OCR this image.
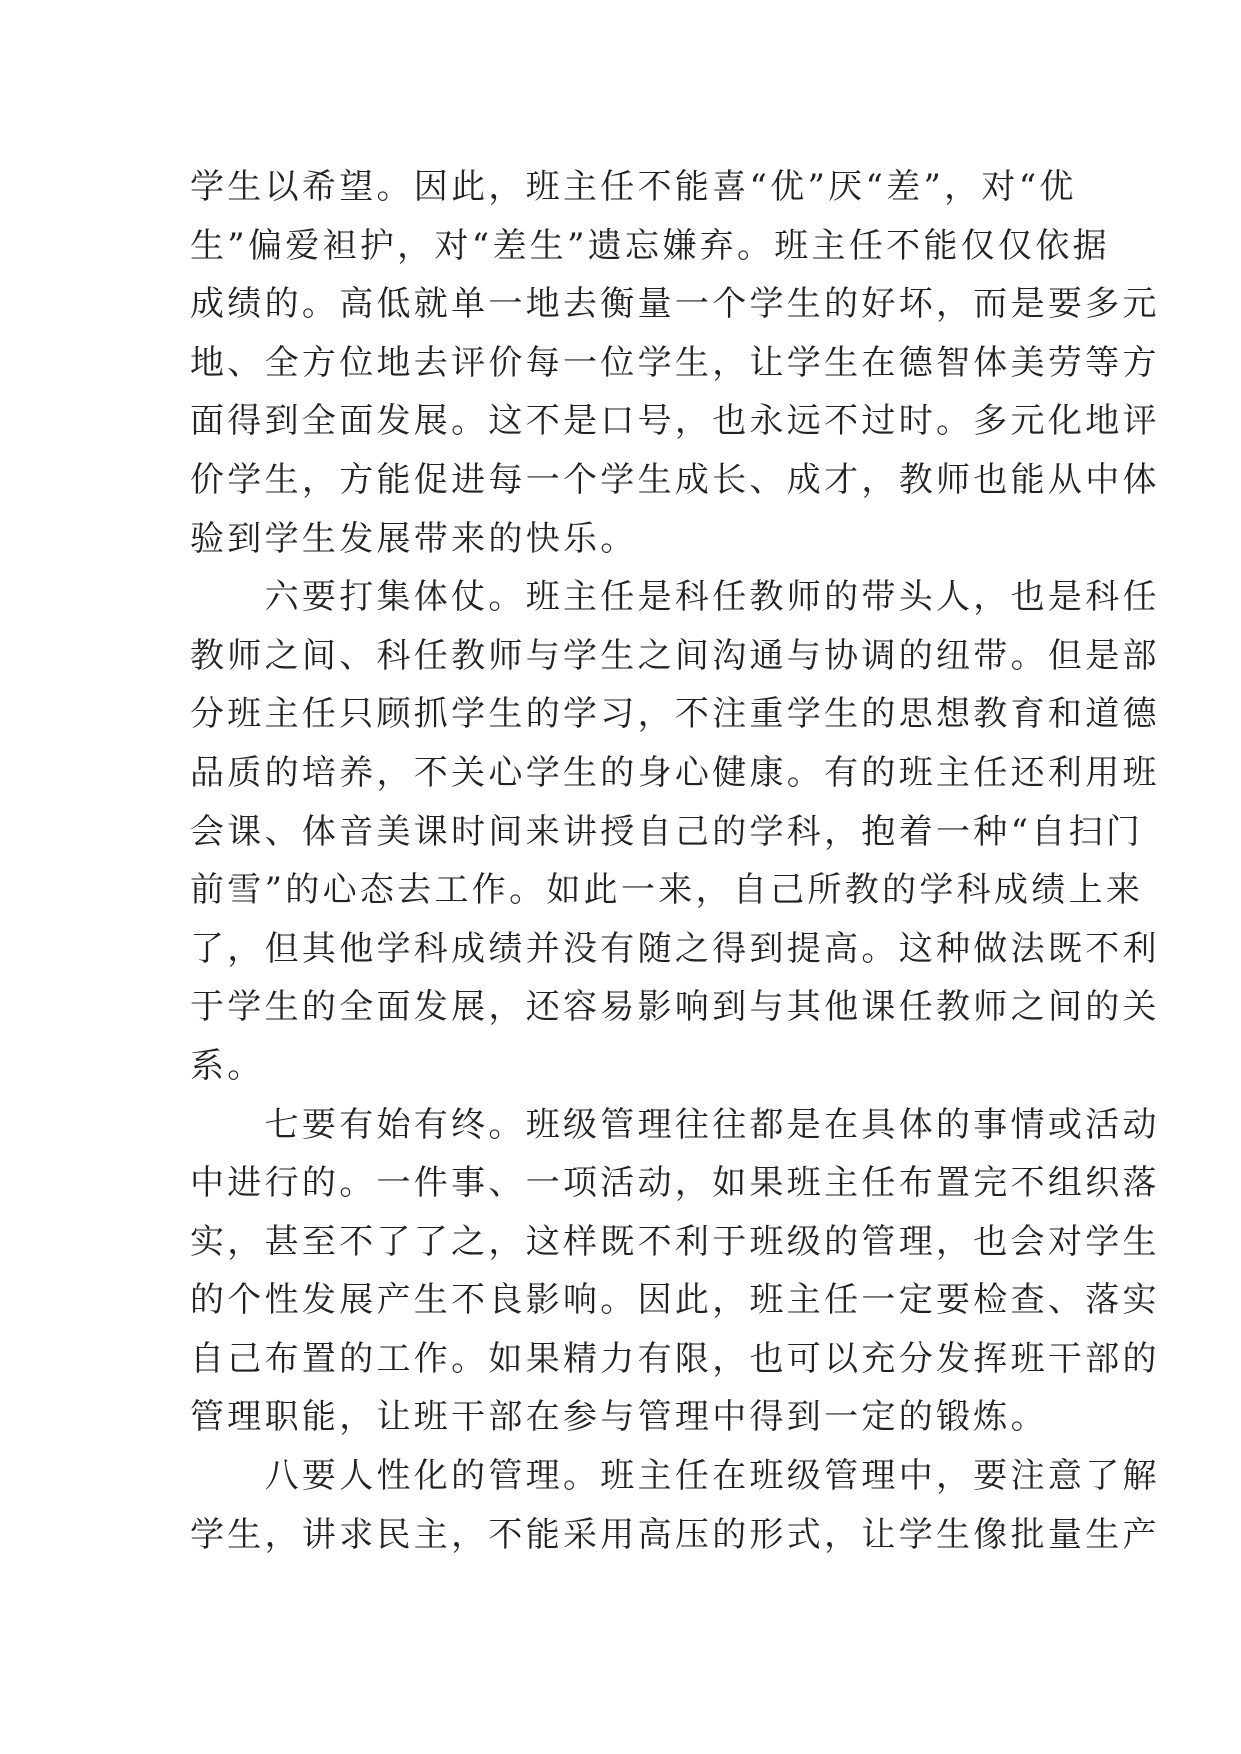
学生以希望。因此，班主任不能喜“优”厌“差”，对“优
生”偏爱袒护，对“差生”遗忘嫌弃。班主任不能仅仅依据
成绩的。高低就单一地去衡量一个学生的好坏，而是要多元
地、全方位地去评价每一位学生，让学生在德智体美劳等方
面得到全面发展。这不是口号，也永远不过时。多元化地评
价学生，方能促进每一个学生成长、成才，教师也能从中体
验到学生发展带来的快乐。
　　六要打集体仗。班主任是科任教师的带头人，也是科任
教师之间、科任教师与学生之间沟通与协调的纽带。但是部
分班主任只顾抓学生的学习，不注重学生的思想教育和道德
品质的培养，不关心学生的身心健康。有的班主任还利用班
会课、体音美课时间来讲授自己的学科，抱着一种“自扫门
前雪”的心态去工作。如此一来，自己所教的学科成绩上来
了，但其他学科成绩并没有随之得到提高。这种做法既不利
于学生的全面发展，还容易影响到与其他课任教师之间的关
系。
　　七要有始有终。班级管理往往都是在具体的事情或活动
中进行的。一件事、一项活动，如果班主任布置完不组织落
实，甚至不了了之，这样既不利于班级的管理，也会对学生
的个性发展产生不良影响。因此，班主任一定要检查、落实
自己布置的工作。如果精力有限，也可以充分发挥班干部的
管理职能，让班干部在参与管理中得到一定的锻炼。
　　八要人性化的管理。班主任在班级管理中，要注意了解
学生，讲求民主，不能采用高压的形式，让学生像批量生产
